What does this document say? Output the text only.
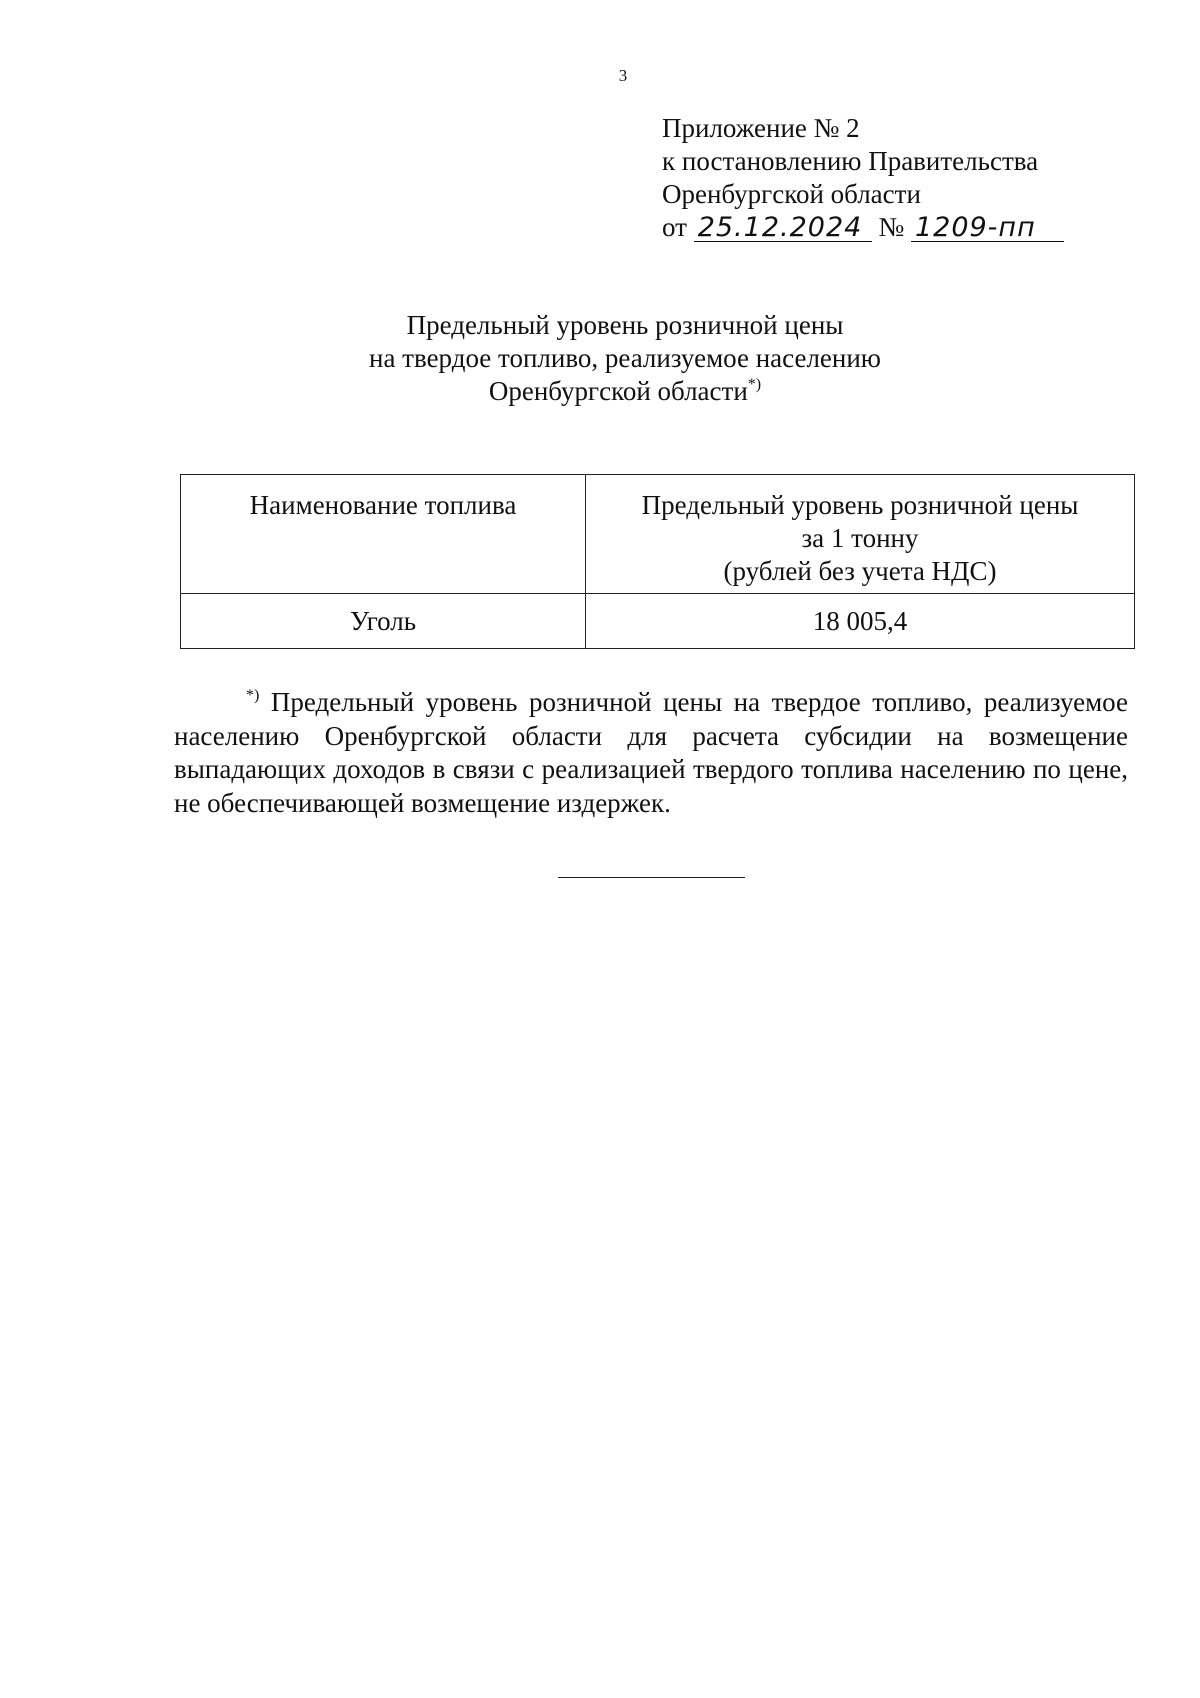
3
Приложение № 2
к постановлению Правительства
Оренбургской области
от 25.12.2024 № 1209-пп
Предельный уровень розничной цены
на твердое топливо, реализуемое населению
Оренбургской области*)
Наименование топлива	Предельный уровень розничной цены
за 1 тонну
(рублей без учета НДС)

Уголь	18 005,4
*) Предельный уровень розничной цены на твердое топливо, реализуемое населению Оренбургской области для расчета субсидии на возмещение выпадающих доходов в связи с реализацией твердого топлива населению по цене, не обеспечивающей возмещение издержек.
